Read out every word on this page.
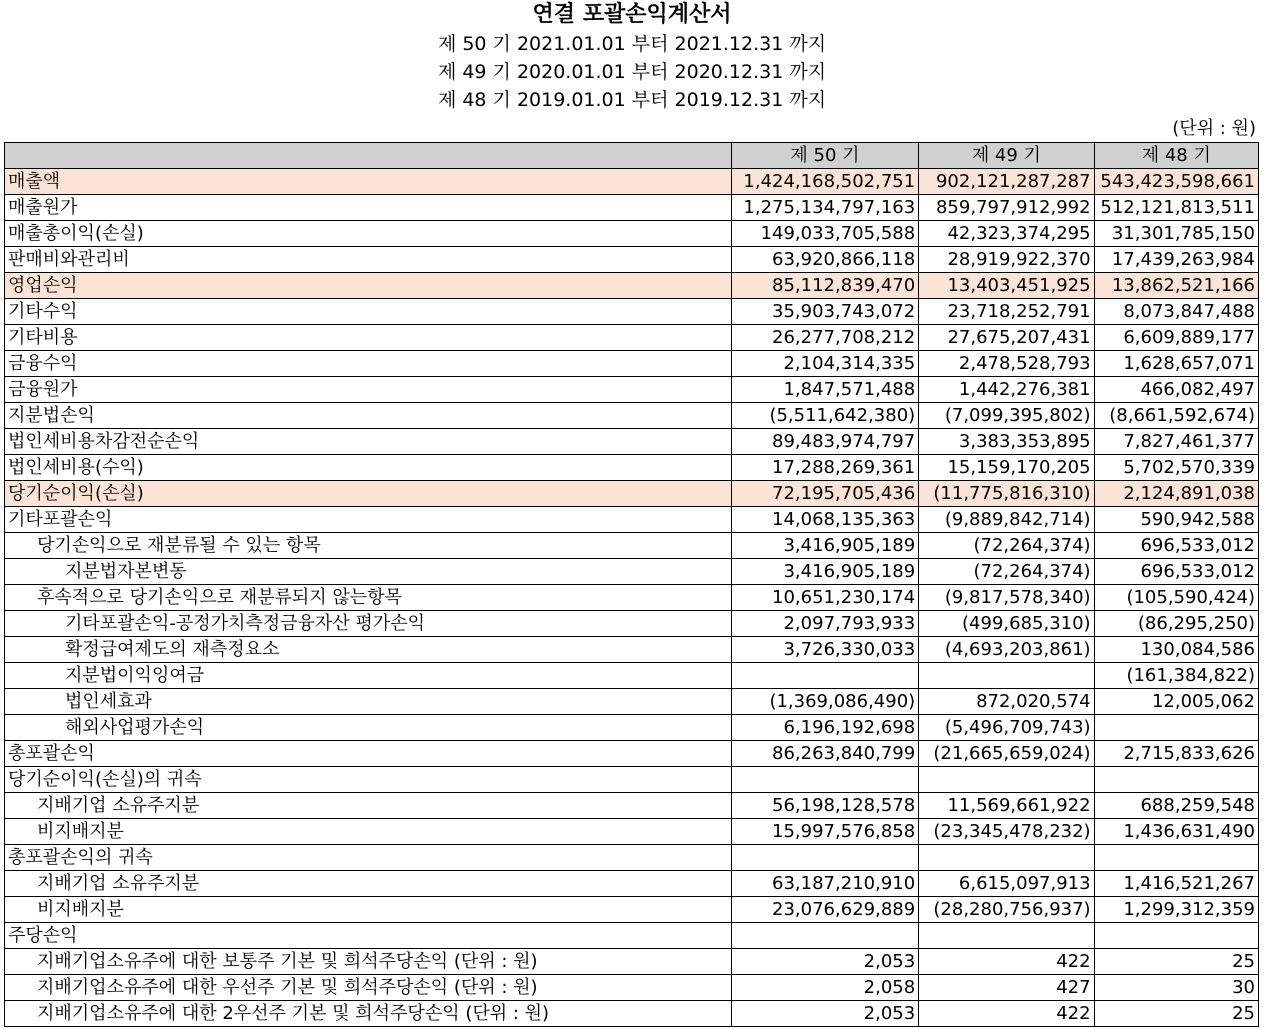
연결 포괄손익계산서
제 50 기 2021.01.01 부터 2021.12.31 까지
제 49 기 2020.01.01 부터 2020.12.31 까지
제 48 기 2019.01.01 부터 2019.12.31 까지
(단위 : 원)
	제 50 기	제 49 기	제 48 기
매출액	1,424,168,502,751	902,121,287,287	543,423,598,661
매출원가	1,275,134,797,163	859,797,912,992	512,121,813,511
매출총이익(손실)	149,033,705,588	42,323,374,295	31,301,785,150
판매비와관리비	63,920,866,118	28,919,922,370	17,439,263,984
영업손익	85,112,839,470	13,403,451,925	13,862,521,166
기타수익	35,903,743,072	23,718,252,791	8,073,847,488
기타비용	26,277,708,212	27,675,207,431	6,609,889,177
금융수익	2,104,314,335	2,478,528,793	1,628,657,071
금융원가	1,847,571,488	1,442,276,381	466,082,497
지분법손익	(5,511,642,380)	(7,099,395,802)	(8,661,592,674)
법인세비용차감전순손익	89,483,974,797	3,383,353,895	7,827,461,377
법인세비용(수익)	17,288,269,361	15,159,170,205	5,702,570,339
당기순이익(손실)	72,195,705,436	(11,775,816,310)	2,124,891,038
기타포괄손익	14,068,135,363	(9,889,842,714)	590,942,588
당기손익으로 재분류될 수 있는 항목	3,416,905,189	(72,264,374)	696,533,012
지분법자본변동	3,416,905,189	(72,264,374)	696,533,012
후속적으로 당기손익으로 재분류되지 않는항목	10,651,230,174	(9,817,578,340)	(105,590,424)
기타포괄손익-공정가치측정금융자산 평가손익	2,097,793,933	(499,685,310)	(86,295,250)
확정급여제도의 재측정요소	3,726,330,033	(4,693,203,861)	130,084,586
지분법이익잉여금			(161,384,822)
법인세효과	(1,369,086,490)	872,020,574	12,005,062
해외사업평가손익	6,196,192,698	(5,496,709,743)	
총포괄손익	86,263,840,799	(21,665,659,024)	2,715,833,626
당기순이익(손실)의 귀속			
지배기업 소유주지분	56,198,128,578	11,569,661,922	688,259,548
비지배지분	15,997,576,858	(23,345,478,232)	1,436,631,490
총포괄손익의 귀속			
지배기업 소유주지분	63,187,210,910	6,615,097,913	1,416,521,267
비지배지분	23,076,629,889	(28,280,756,937)	1,299,312,359
주당손익			
지배기업소유주에 대한 보통주 기본 및 희석주당손익 (단위 : 원)	2,053	422	25
지배기업소유주에 대한 우선주 기본 및 희석주당손익 (단위 : 원)	2,058	427	30
지배기업소유주에 대한 2우선주 기본 및 희석주당손익 (단위 : 원)	2,053	422	25
